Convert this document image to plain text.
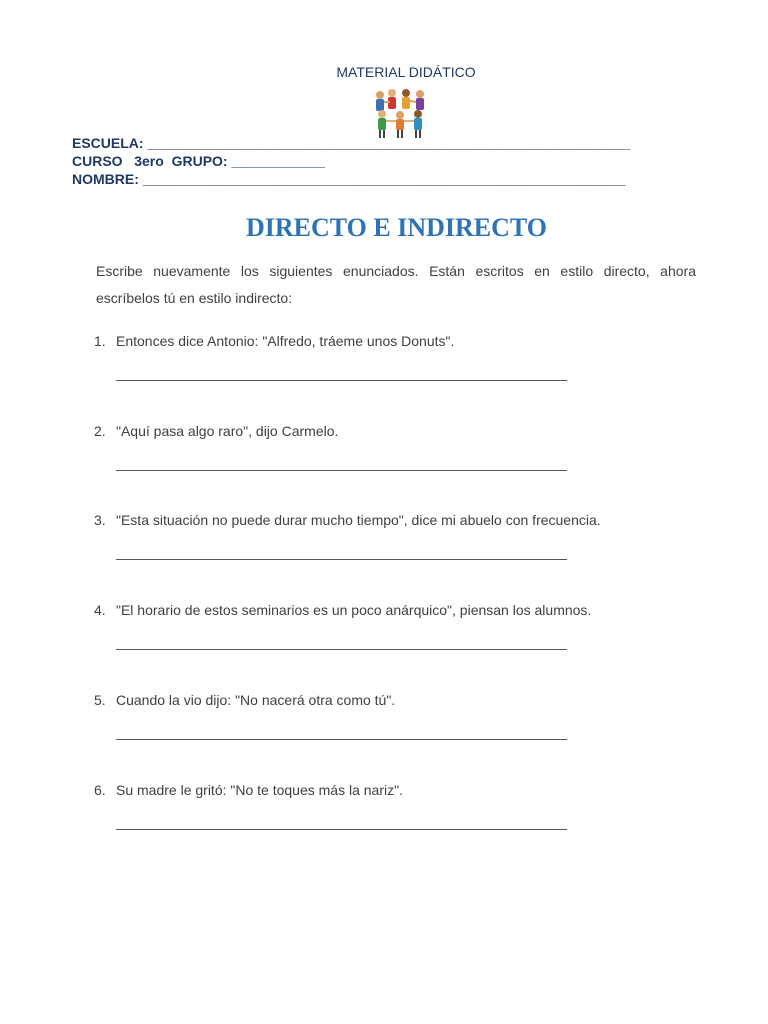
MATERIAL DIDÁTICO
ESCUELA: ______________________________________________________________
CURSO   3ero  GRUPO: ____________
NOMBRE: ______________________________________________________________
DIRECTO E INDIRECTO
Escribe nuevamente los siguientes enunciados. Están escritos en estilo directo, ahora escríbelos tú en estilo indirecto:
1. Entonces dice Antonio: "Alfredo, tráeme unos Donuts".
2. "Aquí pasa algo raro", dijo Carmelo.
3. "Esta situación no puede durar mucho tiempo", dice mi abuelo con frecuencia.
4. "El horario de estos seminarios es un poco anárquico", piensan los alumnos.
5. Cuando la vio dijo: "No nacerá otra como tú".
6. Su madre le gritó: "No te toques más la nariz".
